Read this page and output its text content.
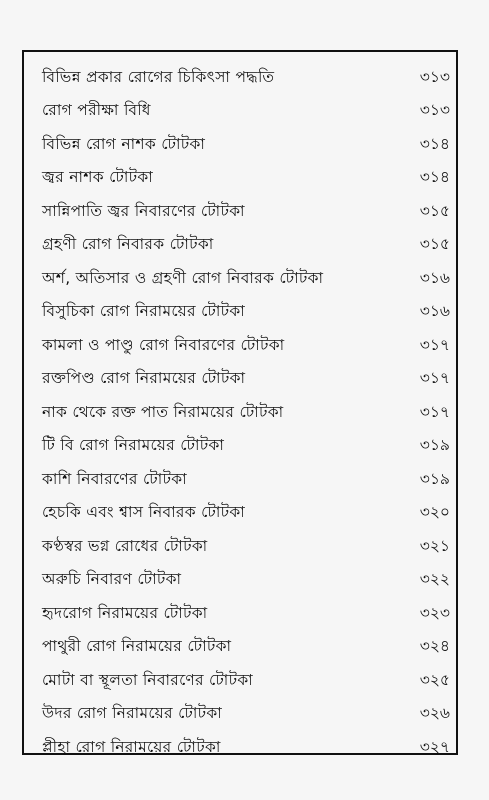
বিভিন্ন প্রকার রোগের চিকিৎসা পদ্ধতি	৩১৩
রোগ পরীক্ষা বিধি	৩১৩
বিভিন্ন রোগ নাশক টোটকা	৩১৪
জ্বর নাশক টোটকা	৩১৪
সান্নিপাতি জ্বর নিবারণের টোটকা	৩১৫
গ্রহণী রোগ নিবারক টোটকা	৩১৫
অর্শ, অতিসার ও গ্রহণী রোগ নিবারক টোটকা	৩১৬
বিসুচিকা রোগ নিরাময়ের টোটকা	৩১৬
কামলা ও পাণ্ডু রোগ নিবারণের টোটকা	৩১৭
রক্তপিণ্ড রোগ নিরাময়ের টোটকা	৩১৭
নাক থেকে রক্ত পাত নিরাময়ের টোটকা	৩১৭
টি বি রোগ নিরাময়ের টোটকা	৩১৯
কাশি নিবারণের টোটকা	৩১৯
হেচকি এবং শ্বাস নিবারক টোটকা	৩২০
কণ্ঠস্বর ভগ্ন রোধের টোটকা	৩২১
অরুচি নিবারণ টোটকা	৩২২
হৃদরোগ নিরাময়ের টোটকা	৩২৩
পাথুরী রোগ নিরাময়ের টোটকা	৩২৪
মোটা বা স্থূলতা নিবারণের টোটকা	৩২৫
উদর রোগ নিরাময়ের টোটকা	৩২৬
প্লীহা রোগ নিরাময়ের টোটকা	৩২৭
